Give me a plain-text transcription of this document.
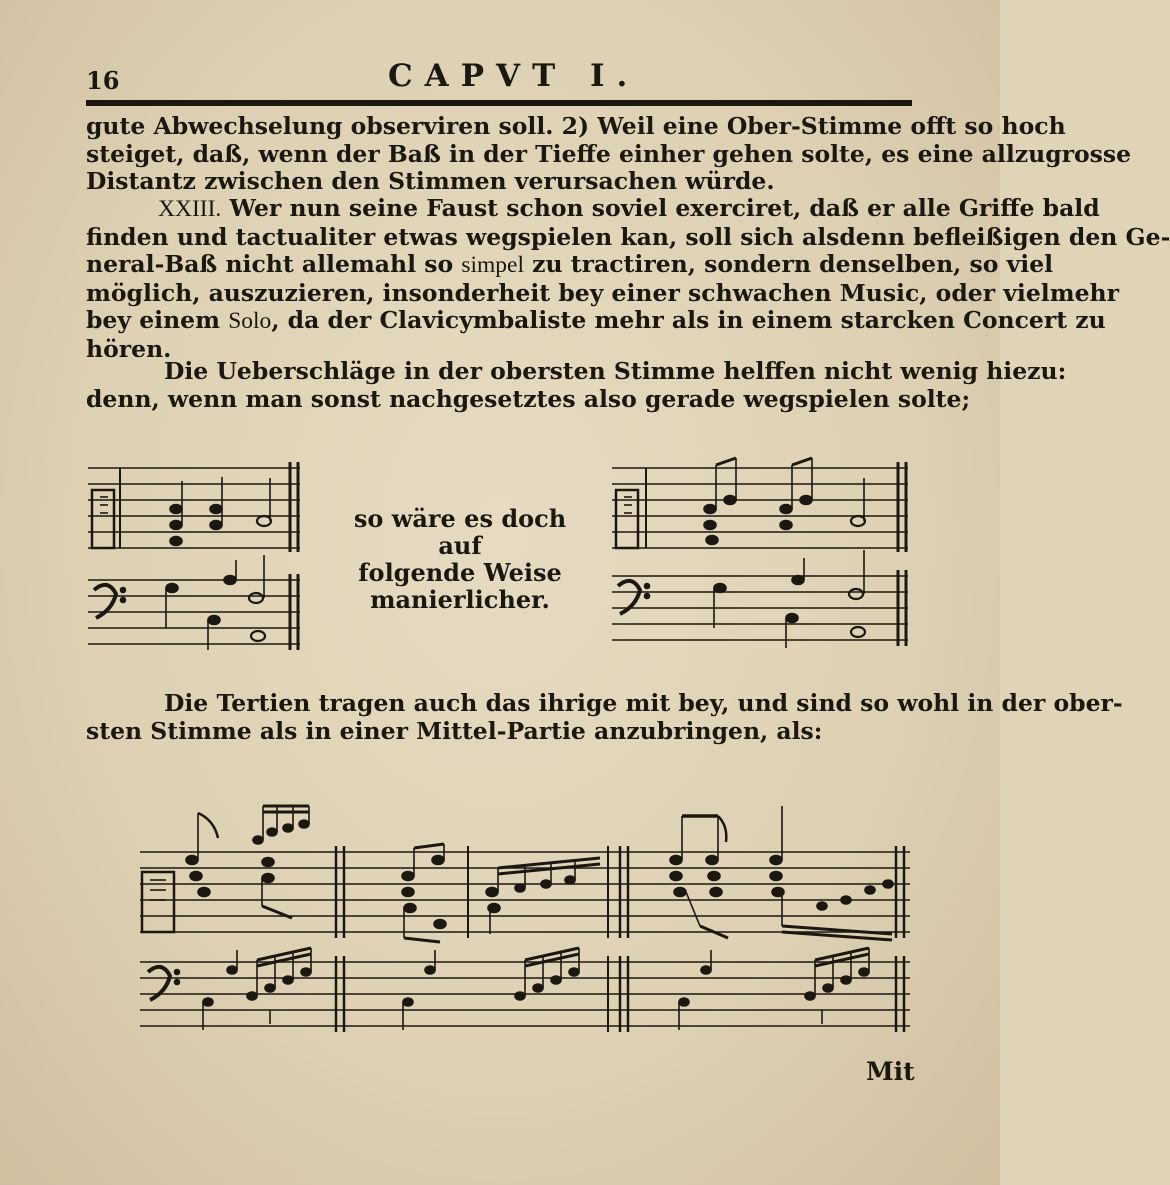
16	CAPVT I.
gute Abwechselung observiren soll. 2) Weil eine Ober-Stimme offt so hoch
steiget, daß, wenn der Baß in der Tieffe einher gehen solte, es eine allzugrosse
Distantz zwischen den Stimmen verursachen würde.
XXIII. Wer nun seine Faust schon soviel exerciret, daß er alle Griffe bald
finden und tactualiter etwas wegspielen kan, soll sich alsdenn befleißigen den Ge-
neral-Baß nicht allemahl so simpel zu tractiren, sondern denselben, so viel
möglich, auszuzieren, insonderheit bey einer schwachen Music, oder vielmehr
bey einem Solo, da der Clavicymbaliste mehr als in einem starcken Concert zu
hören.
Die Ueberschläge in der obersten Stimme helffen nicht wenig hiezu:
denn, wenn man sonst nachgesetztes also gerade wegspielen solte;
so wäre es doch auf
folgende Weise
manierlicher.
Die Tertien tragen auch das ihrige mit bey, und sind so wohl in der ober-
sten Stimme als in einer Mittel-Partie anzubringen, als:
Mit
